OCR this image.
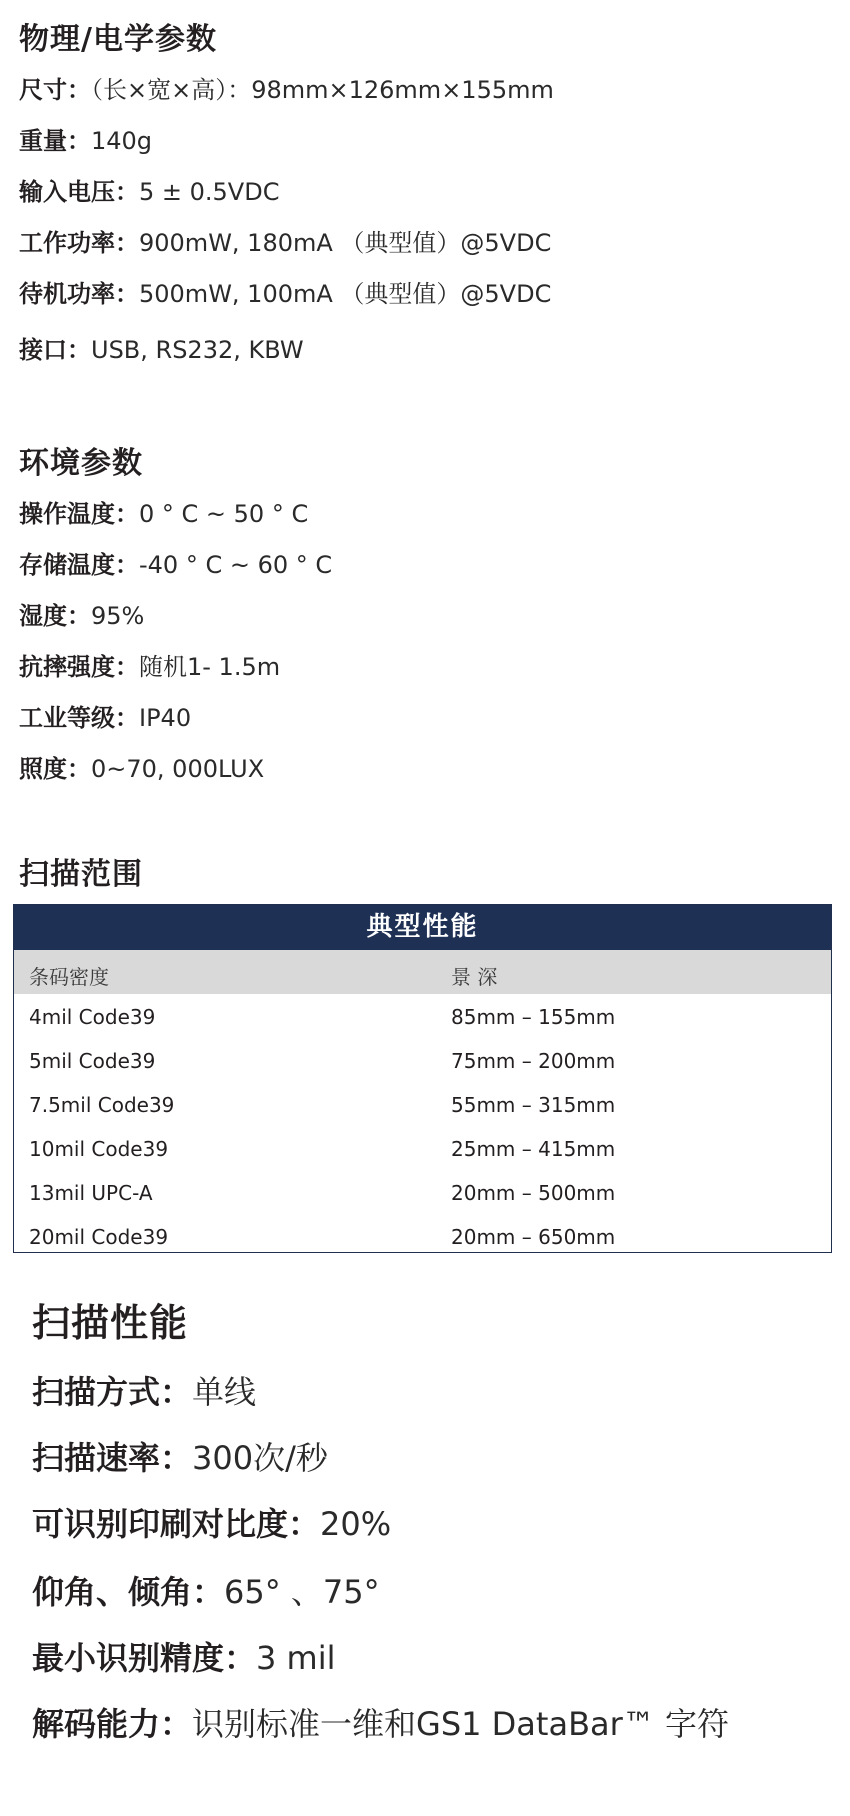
物理/电学参数
尺寸：（长×宽×高）：98mm×126mm×155mm
重量：140g
输入电压：5 ± 0.5VDC
工作功率：900mW, 180mA （典型值）@5VDC
待机功率：500mW, 100mA （典型值）@5VDC
接口：USB, RS232, KBW
环境参数
操作温度：0 ° C ~ 50 ° C
存储温度：-40 ° C ~ 60 ° C
湿度：95%
抗摔强度：随机1- 1.5m
工业等级：IP40
照度：0~70, 000LUX
扫描范围
典型性能
条码密度	景 深
4mil Code39	85mm – 155mm
5mil Code39	75mm – 200mm
7.5mil Code39	55mm – 315mm
10mil Code39	25mm – 415mm
13mil UPC-A	20mm – 500mm
20mil Code39	20mm – 650mm
扫描性能
扫描方式：单线
扫描速率：300次/秒
可识别印刷对比度：20%
仰角、倾角：65° 、75°
最小识别精度：3 mil
解码能力：识别标准一维和GS1 DataBar™ 字符
